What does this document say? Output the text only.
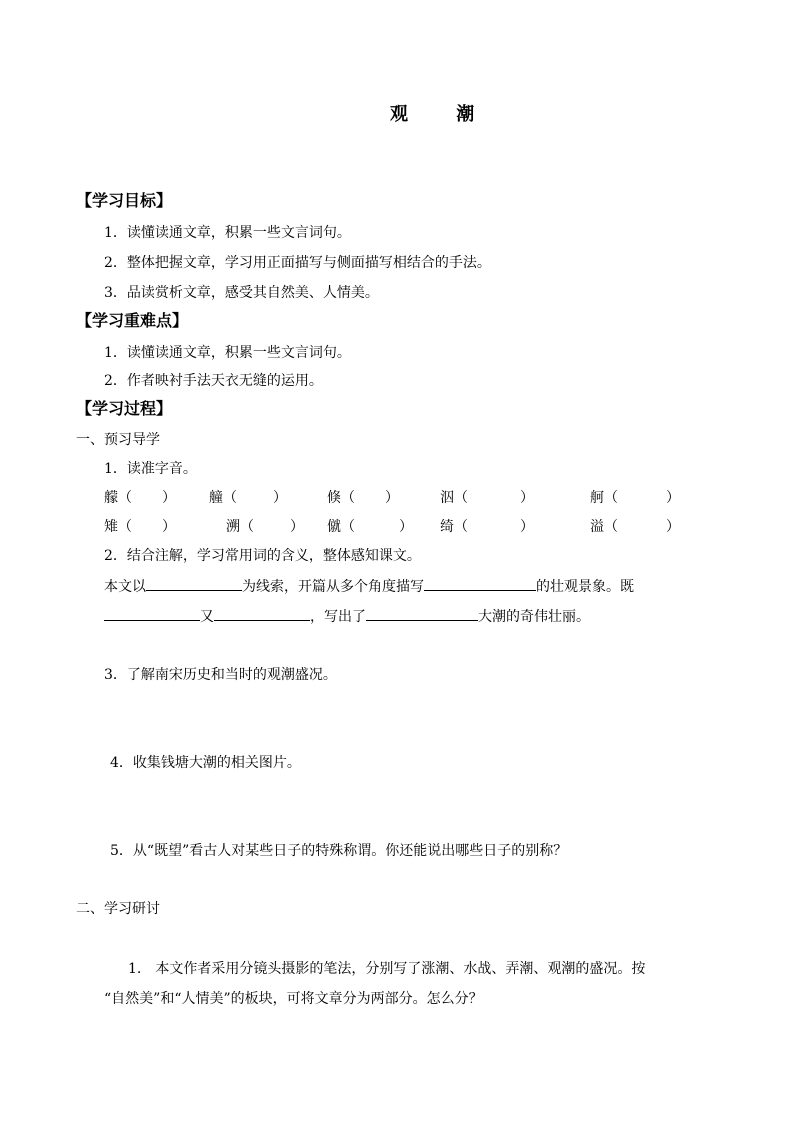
观	潮
【学习目标】
1．读懂读通文章，积累一些文言词句。
2．整体把握文章，学习用正面描写与侧面描写相结合的手法。
3．品读赏析文章，感受其自然美、人情美。
【学习重难点】
1．读懂读通文章，积累一些文言词句。
2．作者映衬手法天衣无缝的运用。
【学习过程】
一、预习导学
1．读准字音。
艨（ ） 艟（	）	倏（ ）	泅（	）	舸（	）
雉（ ）	溯（	） 僦（	） 绮（	）	溢（	）
2．结合注解，学习常用词的含义，整体感知课文。
本文以	为线索，开篇从多个角度描写	的壮观景象。既
又	，写出了	大潮的奇伟壮丽。
3．了解南宋历史和当时的观潮盛况。
4．收集钱塘大潮的相关图片。
5．从“既望”看古人对某些日子的特殊称谓。你还能说出哪些日子的别称？
二、学习研讨
1. 本文作者采用分镜头摄影的笔法，分别写了涨潮、水战、弄潮、观潮的盛况。按
“自然美”和“人情美”的板块，可将文章分为两部分。怎么分？
